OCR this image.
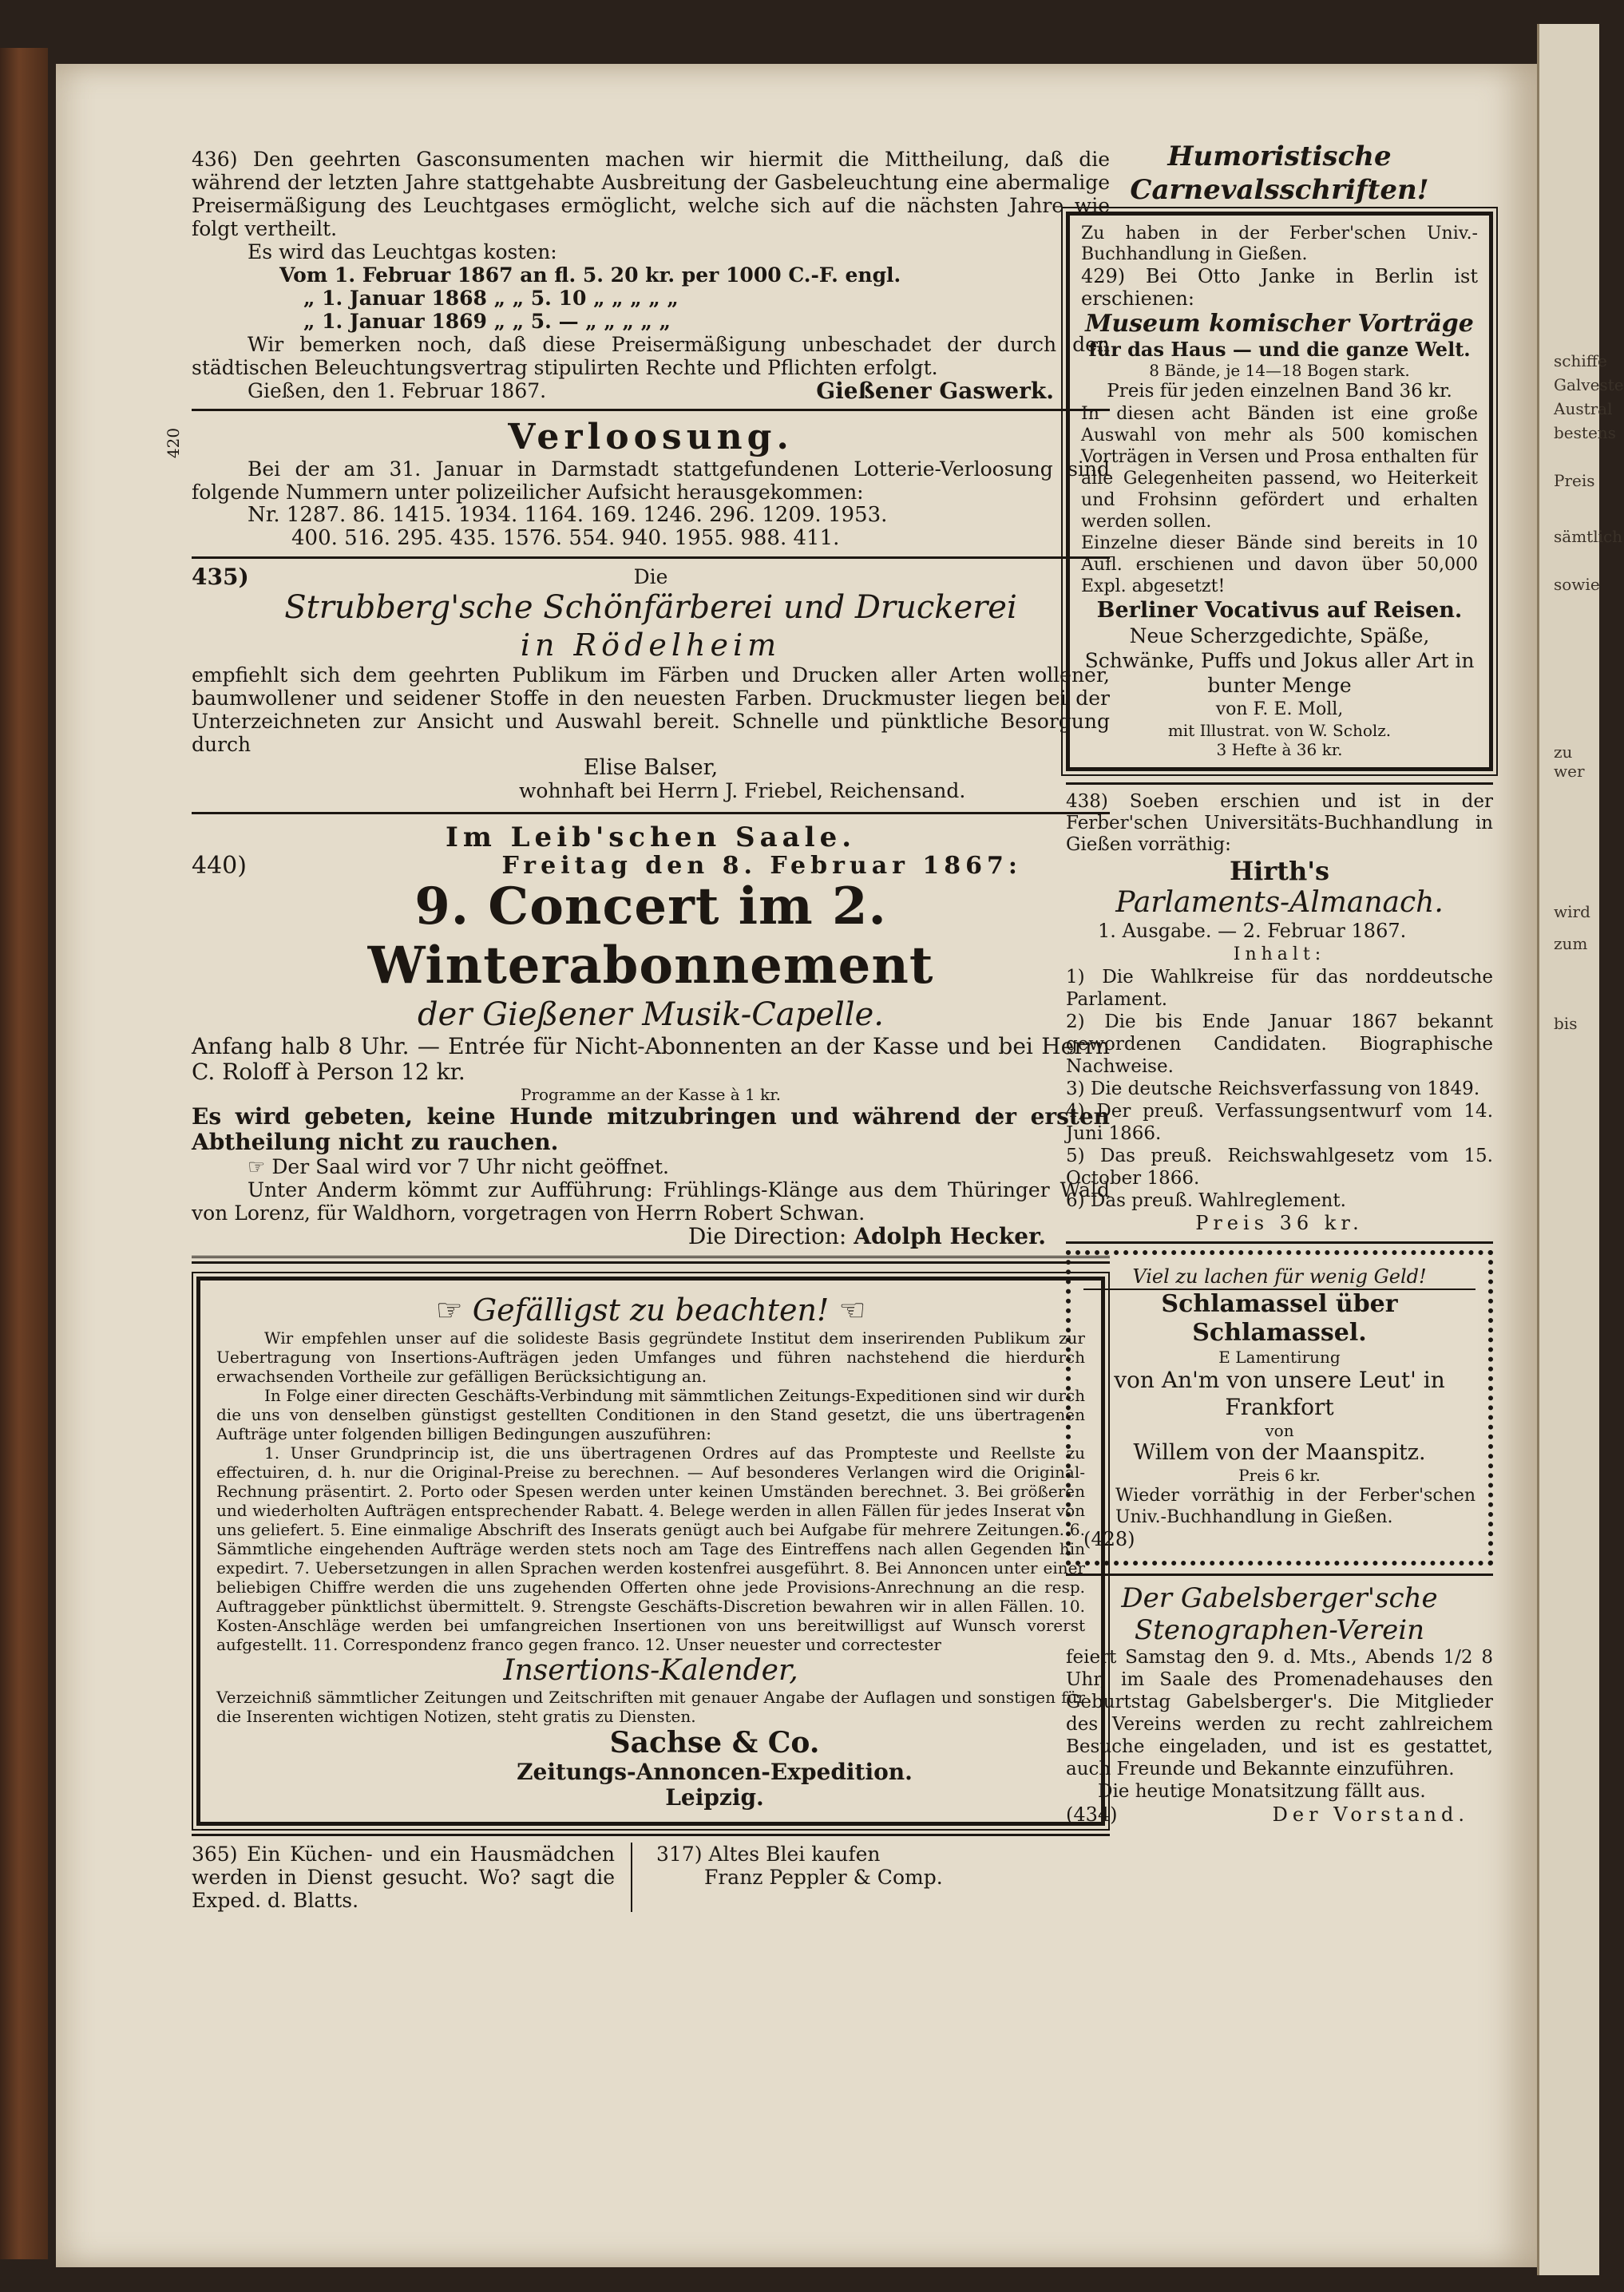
schiffe
Galveste
Austral
bestens
Preis
sämtlich
sowie
zu wer
wird
zum
bis

436) Den geehrten Gasconsumenten machen wir hiermit die Mittheilung, daß die während der letzten Jahre stattgehabte Ausbreitung der Gasbeleuchtung eine abermalige Preisermäßigung des Leuchtgases ermöglicht, welche sich auf die nächsten Jahre wie folgt vertheilt.

Es wird das Leuchtgas kosten:

Vom 1. Februar 1867 an fl. 5. 20 kr. per 1000 C.-F. engl.

„ 1. Januar 1868 „ „ 5. 10 „ „ „ „ „

„ 1. Januar 1869 „ „ 5. — „ „ „ „ „

Wir bemerken noch, daß diese Preisermäßigung unbeschadet der durch den städtischen Beleuchtungsvertrag stipulirten Rechte und Pflichten erfolgt.

Gießen, den 1. Februar 1867.	Gießener Gaswerk.
420	Verloosung.

Bei der am 31. Januar in Darmstadt stattgefundenen Lotterie-Verloosung sind folgende Nummern unter polizeilicher Aufsicht herausgekommen:

Nr. 1287. 86. 1415. 1934. 1164. 169. 1246. 296. 1209. 1953.

400. 516. 295. 435. 1576. 554. 940. 1955. 988. 411.

435)	Die
Strubberg'sche Schönfärberei und Druckerei
in Rödelheim

empfiehlt sich dem geehrten Publikum im Färben und Drucken aller Arten wollener, baumwollener und seidener Stoffe in den neuesten Farben. Druckmuster liegen bei der Unterzeichneten zur Ansicht und Auswahl bereit. Schnelle und pünktliche Besorgung durch

Elise Balser,
wohnhaft bei Herrn J. Friebel, Reichensand.
Im Leib'schen Saale.
440)	Freitag den 8. Februar 1867:
9. Concert im 2. Winterabonnement
der Gießener Musik-Capelle.

Anfang halb 8 Uhr. — Entrée für Nicht-Abonnenten an der Kasse und bei Herrn C. Roloff à Person 12 kr.

Programme an der Kasse à 1 kr.

Es wird gebeten, keine Hunde mitzubringen und während der ersten Abtheilung nicht zu rauchen.

☞ Der Saal wird vor 7 Uhr nicht geöffnet.

Unter Anderm kömmt zur Aufführung: Frühlings-Klänge aus dem Thüringer Wald von Lorenz, für Waldhorn, vorgetragen von Herrn Robert Schwan.

Die Direction: Adolph Hecker.
☞ Gefälligst zu beachten! ☜

Wir empfehlen unser auf die solideste Basis gegründete Institut dem inserirenden Publikum zur Uebertragung von Insertions-Aufträgen jeden Umfanges und führen nachstehend die hierdurch erwachsenden Vortheile zur gefälligen Berücksichtigung an.

In Folge einer directen Geschäfts-Verbindung mit sämmtlichen Zeitungs-Expeditionen sind wir durch die uns von denselben günstigst gestellten Conditionen in den Stand gesetzt, die uns übertragenen Aufträge unter folgenden billigen Bedingungen auszuführen:

1. Unser Grundprincip ist, die uns übertragenen Ordres auf das Prompteste und Reellste zu effectuiren, d. h. nur die Original-Preise zu berechnen. — Auf besonderes Verlangen wird die Original-Rechnung präsentirt. 2. Porto oder Spesen werden unter keinen Umständen berechnet. 3. Bei größeren und wiederholten Aufträgen entsprechender Rabatt. 4. Belege werden in allen Fällen für jedes Inserat von uns geliefert. 5. Eine einmalige Abschrift des Inserats genügt auch bei Aufgabe für mehrere Zeitungen. 6. Sämmtliche eingehenden Aufträge werden stets noch am Tage des Eintreffens nach allen Gegenden hin expedirt. 7. Uebersetzungen in allen Sprachen werden kostenfrei ausgeführt. 8. Bei Annoncen unter einer beliebigen Chiffre werden die uns zugehenden Offerten ohne jede Provisions-Anrechnung an die resp. Auftraggeber pünktlichst übermittelt. 9. Strengste Geschäfts-Discretion bewahren wir in allen Fällen. 10. Kosten-Anschläge werden bei umfangreichen Insertionen von uns bereitwilligst auf Wunsch vorerst aufgestellt. 11. Correspondenz franco gegen franco. 12. Unser neuester und correctester

Insertions-Kalender,

Verzeichniß sämmtlicher Zeitungen und Zeitschriften mit genauer Angabe der Auflagen und sonstigen für die Inserenten wichtigen Notizen, steht gratis zu Diensten.

Sachse & Co.
Zeitungs-Annoncen-Expedition.
Leipzig.

365) Ein Küchen- und ein Hausmädchen werden in Dienst gesucht. Wo? sagt die Exped. d. Blatts.

317) Altes Blei kaufen
Franz Peppler & Comp.
Humoristische Carnevalsschriften!

Zu haben in der Ferber'schen Univ.-Buchhandlung in Gießen.

429) Bei Otto Janke in Berlin ist erschienen:

Museum komischer Vorträge
für das Haus — und die ganze Welt.
8 Bände, je 14—18 Bogen stark.
Preis für jeden einzelnen Band 36 kr.

In diesen acht Bänden ist eine große Auswahl von mehr als 500 komischen Vorträgen in Versen und Prosa enthalten für alle Gelegenheiten passend, wo Heiterkeit und Frohsinn gefördert und erhalten werden sollen.

Einzelne dieser Bände sind bereits in 10 Aufl. erschienen und davon über 50,000 Expl. abgesetzt!

Berliner Vocativus auf Reisen.
Neue Scherzgedichte, Späße, Schwänke, Puffs und Jokus aller Art in bunter Menge
von F. E. Moll,
mit Illustrat. von W. Scholz.
3 Hefte à 36 kr.

438) Soeben erschien und ist in der Ferber'schen Universitäts-Buchhandlung in Gießen vorräthig:

Hirth's
Parlaments-Almanach.
1. Ausgabe. — 2. Februar 1867.
Inhalt:

1) Die Wahlkreise für das norddeutsche Parlament.

2) Die bis Ende Januar 1867 bekannt gewordenen Candidaten. Biographische Nachweise.

3) Die deutsche Reichsverfassung von 1849.

4) Der preuß. Verfassungsentwurf vom 14. Juni 1866.

5) Das preuß. Reichswahlgesetz vom 15. October 1866.

6) Das preuß. Wahlreglement.

Preis 36 kr.
Viel zu lachen für wenig Geld!
Schlamassel über Schlamassel.
E Lamentirung
von An'm von unsere Leut' in Frankfort
von
Willem von der Maanspitz.
Preis 6 kr.

Wieder vorräthig in der Ferber'schen Univ.-Buchhandlung in Gießen.

(428)
Der Gabelsberger'sche Stenographen-Verein

feiert Samstag den 9. d. Mts., Abends 1/2 8 Uhr, im Saale des Promenadehauses den Geburtstag Gabelsberger's. Die Mitglieder des Vereins werden zu recht zahlreichem Besuche eingeladen, und ist es gestattet, auch Freunde und Bekannte einzuführen.

Die heutige Monatsitzung fällt aus.
(434)	Der Vorstand.
